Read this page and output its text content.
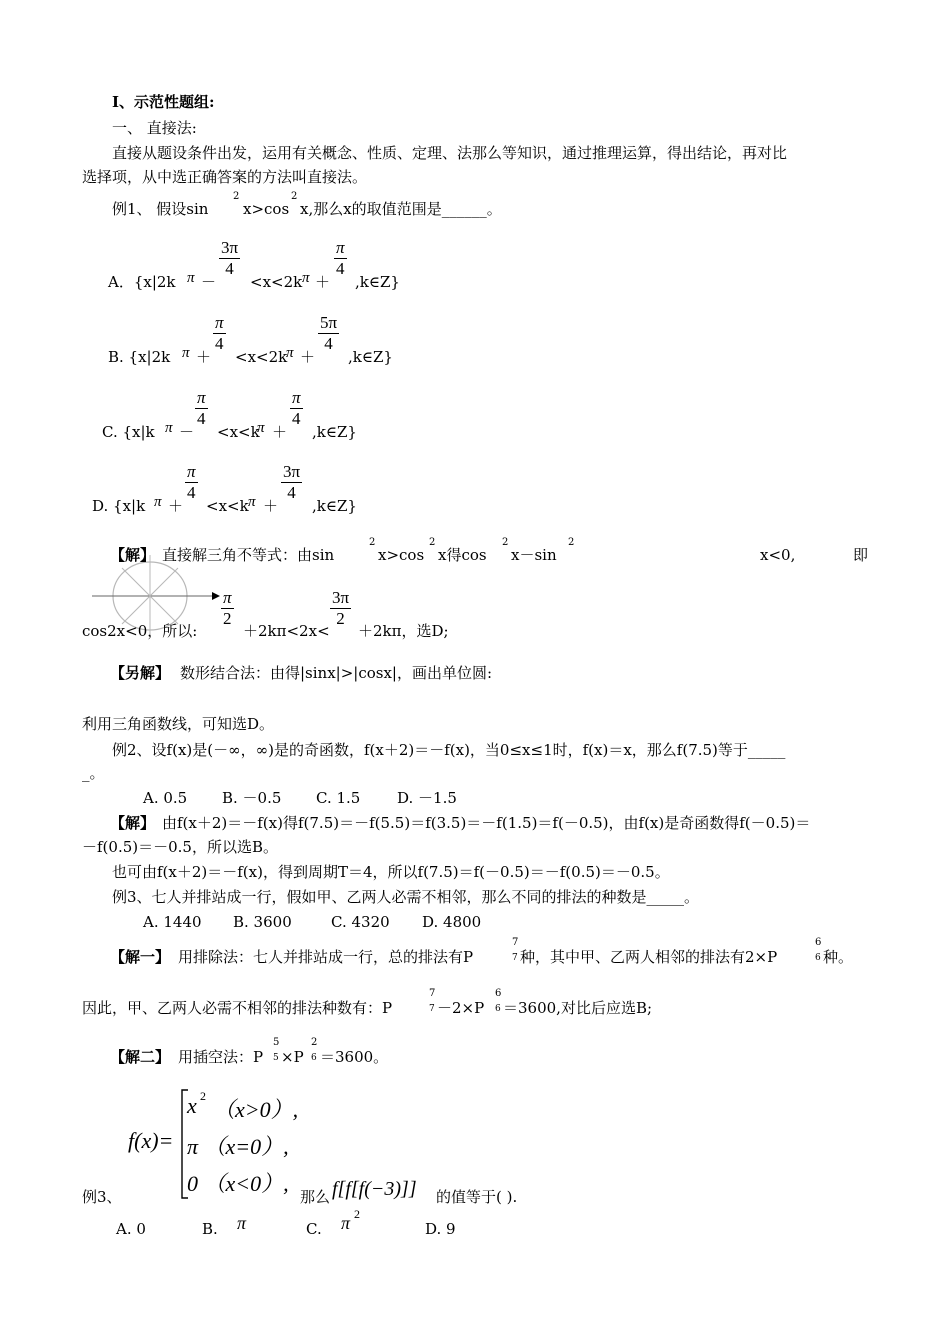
Ⅰ、示范性题组:
一、 直接法:
直接从题设条件出发，运用有关概念、性质、定理、法那么等知识，通过推理运算，得出结论，再对比
选择项，从中选正确答案的方法叫直接法。
例1、 假设sin
2
x>cos
2
x,那么x的取值范围是______。
A．{x|2k π －
$\frac{3\pi}{4}$
<x<2k π ＋
$\frac{\pi}{4}$
,k∈Z}
B. {x|2k π ＋
$\frac{\pi}{4}$
<x<2k
π ＋
$\frac{5\pi}{4}$
,k∈Z}
C. {x|k π －
$\frac{\pi}{4}$
<x<k
π ＋
$\frac{\pi}{4}$
,k∈Z}
D. {x|k π ＋
$\frac{\pi}{4}$
<x<k π ＋
$\frac{3\pi}{4}$
,k∈Z}
【解】 直接解三角不等式：由sin
2
x>cos
2
x得cos
2
x－sin
2
x<0,	即
cos2x<0，所以:
$\frac{\pi}{2}$
＋2kπ<2x<
$\frac{3\pi}{2}$
＋2kπ，选D;
【另解】 数形结合法：由得|sinx|>|cosx|，画出单位圆:
利用三角函数线，可知选D。
例2、设f(x)是(－∞，∞)是的奇函数，f(x＋2)＝－f(x)，当0≤x≤1时，f(x)＝x，那么f(7.5)等于_____
_。
A. 0.5 B. －0.5 C. 1.5 D. －1.5
【解】 由f(x＋2)＝－f(x)得f(7.5)＝－f(5.5)＝f(3.5)＝－f(1.5)＝f(－0.5)，由f(x)是奇函数得f(－0.5)＝
－f(0.5)＝－0.5，所以选B。
也可由f(x＋2)＝－f(x)，得到周期T＝4，所以f(7.5)＝f(－0.5)＝－f(0.5)＝－0.5。
例3、七人并排站成一行，假如甲、乙两人必需不相邻，那么不同的排法的种数是_____。
A. 1440 B. 3600	C. 4320 D. 4800
【解一】 用排除法：七人并排站成一行，总的排法有P
7
7 种，其中甲、乙两人相邻的排法有2×P
6
6 种。
因此，甲、乙两人必需不相邻的排法种数有：P
7
7 －2×P
6
6 ＝3600,对比后应选B;
【解二】 用插空法：P
5
5 ×P
2
6 ＝3600。
f(x)=
x 2
（x>0）,
π （x=0）,
0 （x<0）,
例3、	那么 f[f[f(−3)]] 的值等于( ).
A. 0	B. π	C. π 2
D. 9
